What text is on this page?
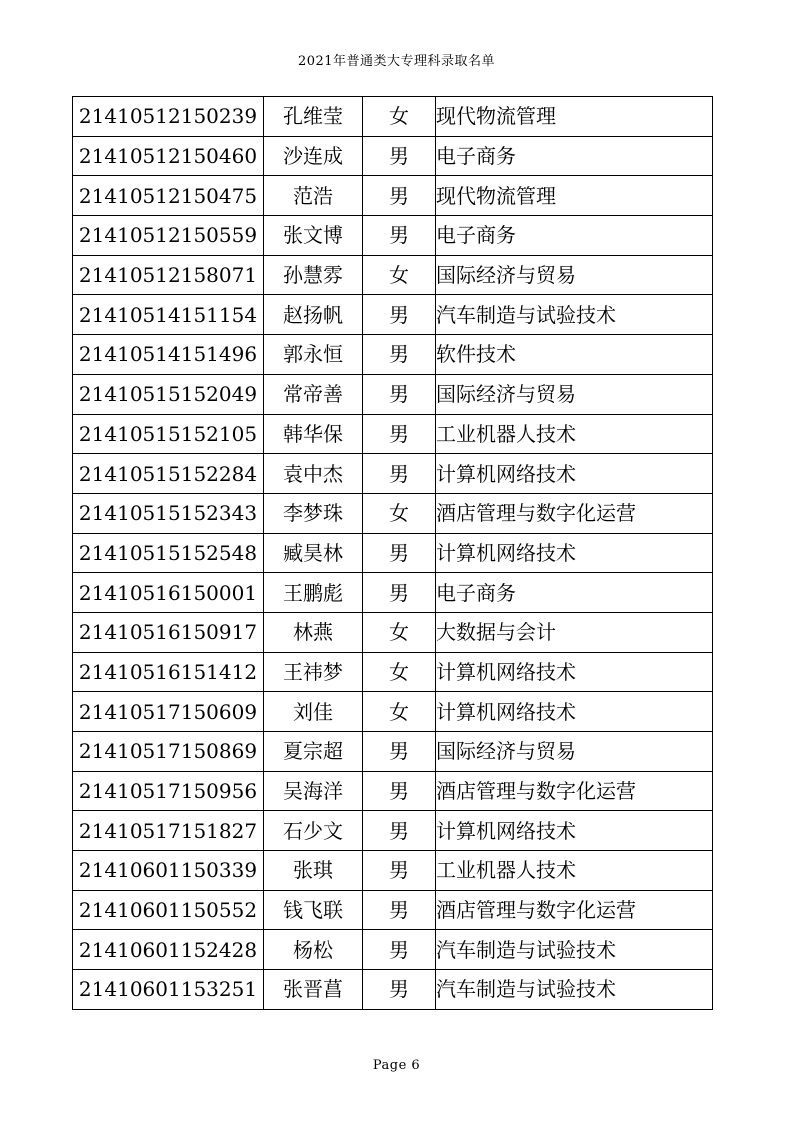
2021年普通类大专理科录取名单
21410512150239	孔维莹	女	现代物流管理
21410512150460	沙连成	男	电子商务
21410512150475	范浩	男	现代物流管理
21410512150559	张文博	男	电子商务
21410512158071	孙慧雰	女	国际经济与贸易
21410514151154	赵扬帆	男	汽车制造与试验技术
21410514151496	郭永恒	男	软件技术
21410515152049	常帝善	男	国际经济与贸易
21410515152105	韩华保	男	工业机器人技术
21410515152284	袁中杰	男	计算机网络技术
21410515152343	李梦珠	女	酒店管理与数字化运营
21410515152548	臧昊林	男	计算机网络技术
21410516150001	王鹏彪	男	电子商务
21410516150917	林燕	女	大数据与会计
21410516151412	王祎梦	女	计算机网络技术
21410517150609	刘佳	女	计算机网络技术
21410517150869	夏宗超	男	国际经济与贸易
21410517150956	吴海洋	男	酒店管理与数字化运营
21410517151827	石少文	男	计算机网络技术
21410601150339	张琪	男	工业机器人技术
21410601150552	钱飞联	男	酒店管理与数字化运营
21410601152428	杨松	男	汽车制造与试验技术
21410601153251	张晋菖	男	汽车制造与试验技术
Page 6
